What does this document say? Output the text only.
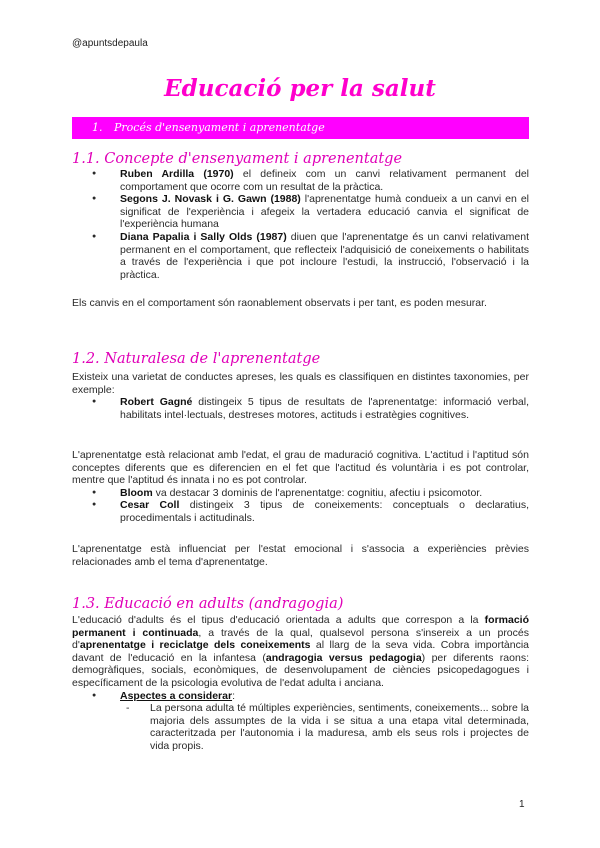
@apuntsdepaula
Educació per la salut
1. Procés d'ensenyament i aprenentatge
1.1. Concepte d'ensenyament i aprenentatge
● Ruben Ardilla (1970) el defineix com un canvi relativament permanent del comportament que ocorre com un resultat de la pràctica.
● Segons J. Novask i G. Gawn (1988) l'aprenentatge humà condueix a un canvi en el significat de l'experiència i afegeix la vertadera educació canvia el significat de l'experiència humana
● Diana Papalia i Sally Olds (1987) diuen que l'aprenentatge és un canvi relativament permanent en el comportament, que reflecteix l'adquisició de coneixements o habilitats a través de l'experiència i que pot incloure l'estudi, la instrucció, l'observació i la pràctica.

Els canvis en el comportament són raonablement observats i per tant, es poden mesurar.

1.2. Naturalesa de l'aprenentatge

Existeix una varietat de conductes apreses, les quals es classifiquen en distintes taxonomies, per exemple:

● Robert Gagné distingeix 5 tipus de resultats de l'aprenentatge: informació verbal, habilitats intel·lectuals, destreses motores, actituds i estratègies cognitives.

L'aprenentatge està relacionat amb l'edat, el grau de maduració cognitiva. L'actitud i l'aptitud són conceptes diferents que es diferencien en el fet que l'actitud és voluntària i es pot controlar, mentre que l'aptitud és innata i no es pot controlar.

● Bloom va destacar 3 dominis de l'aprenentatge: cognitiu, afectiu i psicomotor.
● Cesar Coll distingeix 3 tipus de coneixements: conceptuals o declaratius, procedimentals i actitudinals.

L'aprenentatge està influenciat per l'estat emocional i s'associa a experiències prèvies relacionades amb el tema d'aprenentatge.

1.3. Educació en adults (andragogia)

L'educació d'adults és el tipus d'educació orientada a adults que correspon a la formació permanent i continuada, a través de la qual, qualsevol persona s'insereix a un procés d'aprenentatge i reciclatge dels coneixements al llarg de la seva vida. Cobra importància davant de l'educació en la infantesa (andragogia versus pedagogia) per diferents raons: demogràfiques, socials, econòmiques, de desenvolupament de ciències psicopedagogues i específicament de la psicologia evolutiva de l'edat adulta i anciana.

● Aspectes a considerar:
- La persona adulta té múltiples experiències, sentiments, coneixements... sobre la majoria dels assumptes de la vida i se situa a una etapa vital determinada, caracteritzada per l'autonomia i la maduresa, amb els seus rols i projectes de vida propis.
1
